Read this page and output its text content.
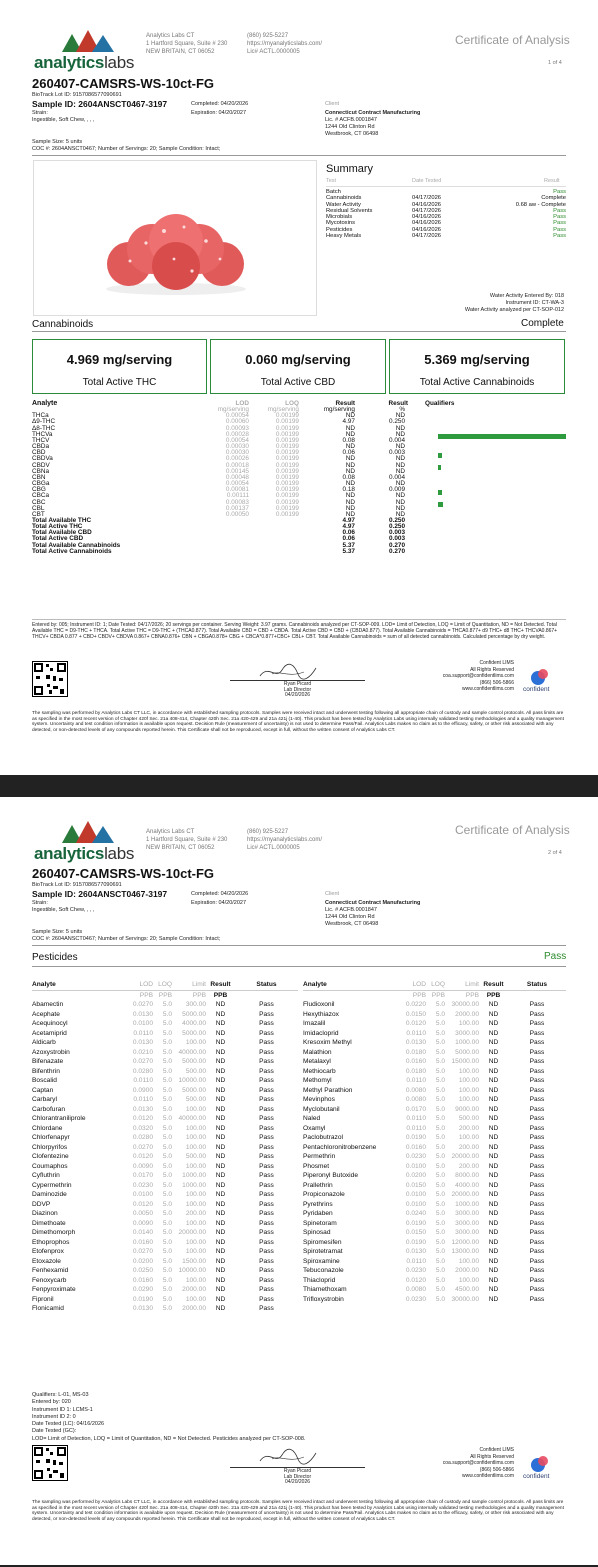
analyticslabs
Analytics Labs CT
1 Hartford Square, Suite # 230
NEW BRITAIN, CT 06052
(860) 925-5227
https://myanalyticslabs.com/
Lic# ACTL.0000005
Certificate of Analysis
1 of 4
260407-CAMSRS-WS-10ct-FG
BioTrack Lot ID: 9157086577090691
Sample ID: 2604ANSCT0467-3197	Completed: 04/20/2026
Expiration: 04/20/2027
Strain:
Ingestible, Soft Chew, , , ,
Client
Connecticut Contract Manufacturing
Lic. # ACFB.0001847
1244 Old Clinton Rd
Westbrook, CT 06498
Sample Size: 5 units
COC #: 2604ANSCT0467; Number of Servings: 20; Sample Condition: Intact;
Summary
Test	Date Tested	Result
Batch	Pass
Cannabinoids	04/17/2026	Complete
Water Activity	04/16/2026	0.68 aw - Complete
Residual Solvents	04/17/2026	Pass
Microbials	04/16/2026	Pass
Mycotoxins	04/16/2026	Pass
Pesticides	04/16/2026	Pass
Heavy Metals	04/17/2026	Pass
Water Activity Entered By: 018
Instrument ID: CT-WA-3
Water Activity analyzed per CT-SOP-012
Cannabinoids	Complete
4.969 mg/serving
Total Active THC
0.060 mg/serving
Total Active CBD
5.369 mg/serving
Total Active Cannabinoids
Analyte	LOD	LOQ	Result	Result	Qualifiers
	mg/serving	mg/serving	mg/serving	%	
THCa	0.00054	0.00199	ND	ND	
Δ9-THC	0.00060	0.00199	4.97	0.250	
Δ8-THC	0.00093	0.00199	ND	ND	
THCVa	0.00028	0.00199	ND	ND	
THCV	0.00054	0.00199	0.08	0.004	
CBDa	0.00030	0.00199	ND	ND	
CBD	0.00030	0.00199	0.06	0.003	
CBDVa	0.00026	0.00199	ND	ND	
CBDV	0.00018	0.00199	ND	ND	
CBNa	0.00145	0.00199	ND	ND	
CBN	0.00048	0.00199	0.08	0.004	
CBGa	0.00054	0.00199	ND	ND	
CBG	0.00081	0.00199	0.18	0.009	
CBCa	0.00111	0.00199	ND	ND	
CBC	0.00083	0.00199	ND	ND	
CBL	0.00137	0.00199	ND	ND	
CBT	0.00050	0.00199	ND	ND	
Total Available THC			4.97	0.250	
Total Active THC			4.97	0.250	
Total Available CBD			0.06	0.003	
Total Active CBD			0.06	0.003	
Total Available Cannabinoids			5.37	0.270	
Total Active Cannabinoids			5.37	0.270	
Entered by: 005; Instrument ID: 1; Date Tested: 04/17/2026; 20 servings per container. Serving Weight: 3.97 grams. Cannabinoids analyzed per CT-SOP-009. LOD= Limit of Detection, LOQ = Limit of Quantitation, ND = Not Detected. Total Available THC = D9-THC + THCA. Total Active THC = D9-THC + (THCA0.877). Total Available CBD = CBD + CBDA. Total Active CBD = CBD + (CBDA0.877). Total Available Cannabinoids = THCA0.877+ d9 THC+ d8 THC+ THCVA0.867+ THCV+ CBDA 0.877 + CBD+ CBDV+ CBDVA 0.867+ CBNA0.876+ CBN + CBGA0.878+ CBG + CBCA*0.877+CBC+ CBL+ CBT. Total Available Cannabinoids = sum of all detected cannabinoids. Calculated percentage by dry weight.
Ryan Picard
Lab Director
04/20/2026
Confident LIMS
All Rights Reserved
coa.support@confidentlims.com
(866) 506-5866
www.confidentlims.com confident
The sampling was performed by Analytics Labs CT LLC, in accordance with established sampling protocols. Samples were received intact and underwent testing following all appropriate chain of custody and sample control protocols. All pass limits are as specified in the most recent version of Chapter 420f Sec. 21a 408-414, Chapter 420h Sec. 21a 420-429 and 21a 421j (1-40). This product has been tested by Analytics Labs using internally validated testing methodologies and a quality management system. Uncertainty and test condition information is available upon request. Decision Rule (measurement of uncertainty) is not used to determine Pass/Fail. Analytics Labs makes no claim as to the efficacy, safety, or other risk associated with any detected, or non-detected levels of any compounds reported herein. This Certificate shall not be reproduced, except in full, without the written consent of Analytics Labs CT.
analyticslabs
Analytics Labs CT
1 Hartford Square, Suite # 230
NEW BRITAIN, CT 06052
(860) 925-5227
https://myanalyticslabs.com/
Lic# ACTL.0000005
Certificate of Analysis
2 of 4
260407-CAMSRS-WS-10ct-FG
BioTrack Lot ID: 9157086577090691
Sample ID: 2604ANSCT0467-3197	Completed: 04/20/2026
Expiration: 04/20/2027
Strain:
Ingestible, Soft Chew, , , ,
Client
Connecticut Contract Manufacturing
Lic. # ACFB.0001847
1244 Old Clinton Rd
Westbrook, CT 06498
Sample Size: 5 units
COC #: 2604ANSCT0467; Number of Servings: 20; Sample Condition: Intact;
Pesticides	Pass
Analyte	LOD	LOQ	Limit	Result	Status
	PPB	PPB	PPB	PPB	
Abamectin	0.0270	5.0	300.00	ND	Pass
Acephate	0.0130	5.0	5000.00	ND	Pass
Acequinocyl	0.0100	5.0	4000.00	ND	Pass
Acetamiprid	0.0110	5.0	5000.00	ND	Pass
Aldicarb	0.0130	5.0	100.00	ND	Pass
Azoxystrobin	0.0210	5.0	40000.00	ND	Pass
Bifenazate	0.0270	5.0	5000.00	ND	Pass
Bifenthrin	0.0280	5.0	500.00	ND	Pass
Boscalid	0.0110	5.0	10000.00	ND	Pass
Captan	0.0900	5.0	5000.00	ND	Pass
Carbaryl	0.0110	5.0	500.00	ND	Pass
Carbofuran	0.0130	5.0	100.00	ND	Pass
Chlorantraniliprole	0.0120	5.0	40000.00	ND	Pass
Chlordane	0.0320	5.0	100.00	ND	Pass
Chlorfenapyr	0.0280	5.0	100.00	ND	Pass
Chlorpyrifos	0.0270	5.0	100.00	ND	Pass
Clofentezine	0.0120	5.0	500.00	ND	Pass
Coumaphos	0.0090	5.0	100.00	ND	Pass
Cyfluthrin	0.0170	5.0	1000.00	ND	Pass
Cypermethrin	0.0230	5.0	1000.00	ND	Pass
Daminozide	0.0100	5.0	100.00	ND	Pass
DDVP	0.0120	5.0	100.00	ND	Pass
Diazinon	0.0050	5.0	200.00	ND	Pass
Dimethoate	0.0090	5.0	100.00	ND	Pass
Dimethomorph	0.0140	5.0	20000.00	ND	Pass
Ethoprophos	0.0160	5.0	100.00	ND	Pass
Etofenprox	0.0270	5.0	100.00	ND	Pass
Etoxazole	0.0200	5.0	1500.00	ND	Pass
Fenhexamid	0.0250	5.0	10000.00	ND	Pass
Fenoxycarb	0.0160	5.0	100.00	ND	Pass
Fenpyroximate	0.0290	5.0	2000.00	ND	Pass
Fipronil	0.0190	5.0	100.00	ND	Pass
Flonicamid	0.0130	5.0	2000.00	ND	Pass
Analyte	LOD	LOQ	Limit	Result	Status
	PPB	PPB	PPB	PPB	
Fludioxonil	0.0220	5.0	30000.00	ND	Pass
Hexythiazox	0.0150	5.0	2000.00	ND	Pass
Imazalil	0.0120	5.0	100.00	ND	Pass
Imidacloprid	0.0110	5.0	3000.00	ND	Pass
Kresoxim Methyl	0.0130	5.0	1000.00	ND	Pass
Malathion	0.0180	5.0	5000.00	ND	Pass
Metalaxyl	0.0160	5.0	15000.00	ND	Pass
Methiocarb	0.0180	5.0	100.00	ND	Pass
Methomyl	0.0110	5.0	100.00	ND	Pass
Methyl Parathion	0.0080	5.0	100.00	ND	Pass
Mevinphos	0.0080	5.0	100.00	ND	Pass
Myclobutanil	0.0170	5.0	9000.00	ND	Pass
Naled	0.0110	5.0	500.00	ND	Pass
Oxamyl	0.0110	5.0	200.00	ND	Pass
Paclobutrazol	0.0190	5.0	100.00	ND	Pass
Pentachloronitrobenzene	0.0160	5.0	200.00	ND	Pass
Permethrin	0.0230	5.0	20000.00	ND	Pass
Phosmet	0.0100	5.0	200.00	ND	Pass
Piperonyl Butoxide	0.0200	5.0	8000.00	ND	Pass
Prallethrin	0.0150	5.0	4000.00	ND	Pass
Propiconazole	0.0100	5.0	20000.00	ND	Pass
Pyrethrins	0.0100	5.0	1000.00	ND	Pass
Pyridaben	0.0240	5.0	3000.00	ND	Pass
Spinetoram	0.0190	5.0	3000.00	ND	Pass
Spinosad	0.0150	5.0	3000.00	ND	Pass
Spiromesifen	0.0190	5.0	12000.00	ND	Pass
Spirotetramat	0.0130	5.0	13000.00	ND	Pass
Spiroxamine	0.0110	5.0	100.00	ND	Pass
Tebuconazole	0.0230	5.0	2000.00	ND	Pass
Thiacloprid	0.0120	5.0	100.00	ND	Pass
Thiamethoxam	0.0080	5.0	4500.00	ND	Pass
Trifloxystrobin	0.0230	5.0	30000.00	ND	Pass
Qualifiers: L-01, MS-03
Entered by: 020
Instrument ID 1: LCMS-1
Instrument ID 2: 0
Date Tested (LC): 04/16/2026
Date Tested (GC):
LOD= Limit of Detection, LOQ = Limit of Quantitation, ND = Not Detected. Pesticides analyzed per CT-SOP-008.
Ryan Picard
Lab Director
04/20/2026
Confident LIMS
All Rights Reserved
coa.support@confidentlims.com
(866) 506-5866
www.confidentlims.com confident
The sampling was performed by Analytics Labs CT LLC, in accordance with established sampling protocols. Samples were received intact and underwent testing following all appropriate chain of custody and sample control protocols. All pass limits are as specified in the most recent version of Chapter 420f Sec. 21a 408-414, Chapter 420h Sec. 21a 420-429 and 21a 421j (1-40). This product has been tested by Analytics Labs using internally validated testing methodologies and a quality management system. Uncertainty and test condition information is available upon request. Decision Rule (measurement of uncertainty) is not used to determine Pass/Fail. Analytics Labs makes no claim as to the efficacy, safety, or other risk associated with any detected, or non-detected levels of any compounds reported herein. This Certificate shall not be reproduced, except in full, without the written consent of Analytics Labs CT.
